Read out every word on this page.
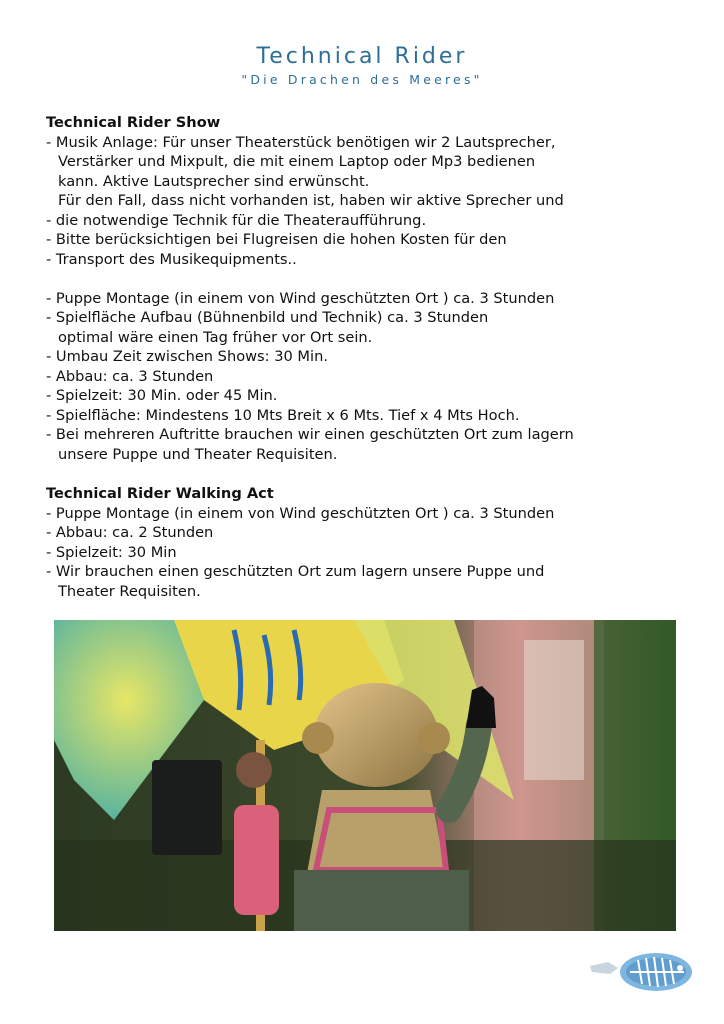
Technical Rider
"Die Drachen des Meeres"
Technical Rider Show
- Musik Anlage: Für unser Theaterstück benötigen wir 2 Lautsprecher,
Verstärker und Mixpult, die mit einem Laptop oder Mp3 bedienen
kann. Aktive Lautsprecher sind erwünscht.
Für den Fall, dass nicht vorhanden ist, haben wir aktive Sprecher und
- die notwendige Technik für die Theateraufführung.
- Bitte berücksichtigen bei Flugreisen die hohen Kosten für den
- Transport des Musikequipments..
- Puppe Montage (in einem von Wind geschützten Ort ) ca. 3 Stunden
- Spielfläche Aufbau (Bühnenbild und Technik) ca. 3 Stunden
optimal wäre einen Tag früher vor Ort sein.
- Umbau Zeit zwischen Shows: 30 Min.
- Abbau: ca. 3 Stunden
- Spielzeit: 30 Min. oder 45 Min.
- Spielfläche: Mindestens 10 Mts Breit x 6 Mts. Tief x 4 Mts Hoch.
- Bei mehreren Auftritte brauchen wir einen geschützten Ort zum lagern
unsere Puppe und Theater Requisiten.
Technical Rider Walking Act
- Puppe Montage (in einem von Wind geschützten Ort ) ca. 3 Stunden
- Abbau: ca. 2 Stunden
- Spielzeit: 30 Min
- Wir brauchen einen geschützten Ort zum lagern unsere Puppe und
Theater Requisiten.
